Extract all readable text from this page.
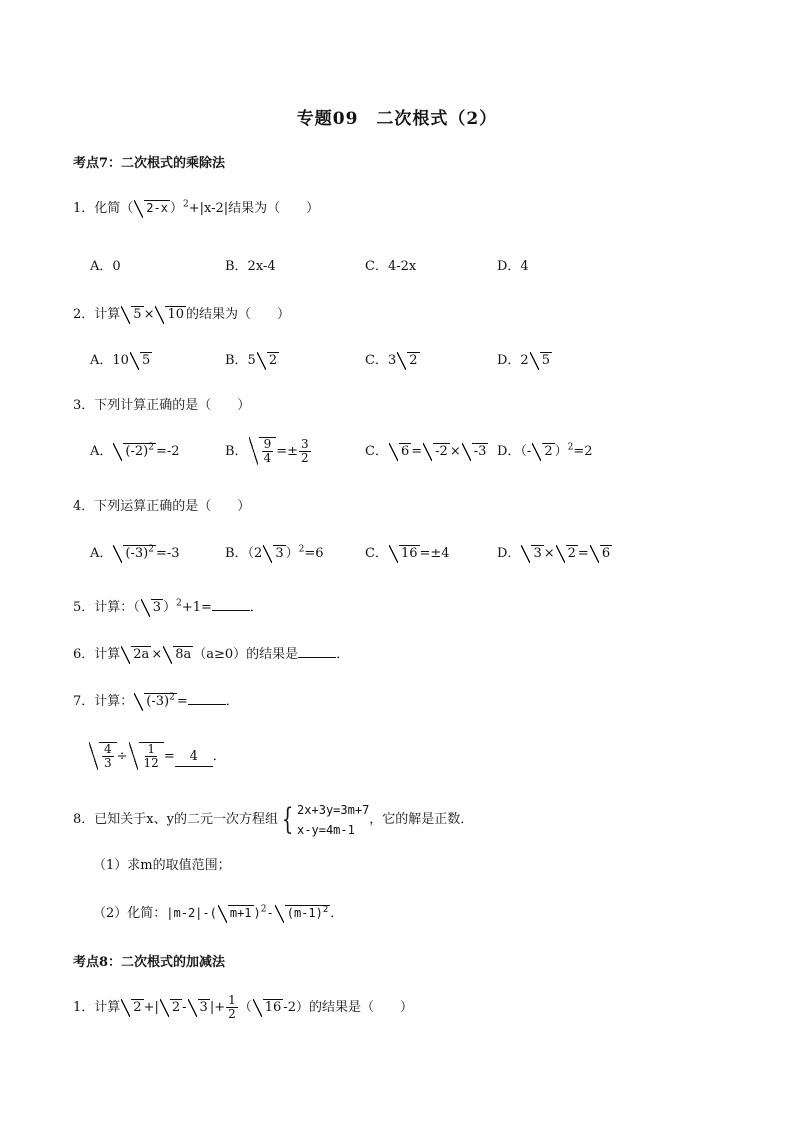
专题09　二次根式（2）
考点7：二次根式的乘除法
1．化简（ 2-x ）$^2$+|x-2|结果为（　　）
A．0	B．2x-4	C．4-2x	D．4
2．计算 5 × 10 的结果为（　　）
A．10 5	B．5 2	C．3 2	D．2 5
3．下列计算正确的是（　　）
A． $(-2)^2 =-2$	B． $\frac{9}{4} =\pm \frac{3}{2}$	C． 6 = -2 × -3 D．（- 2 ）$^2$=2
4．下列运算正确的是（　　）
A． $(-3)^2 =-3$	B．（2 3 ）$^2$=6	C． 16 =±4	D． 3 × 2 = 6
5．计算：（ 3 ）$^2$+1=	．
6．计算 2a × 8a （a≥0）的结果是	．
7．计算： $(-3)^2$ =	．
$\frac{4}{3} \div \frac{1}{12} = 4$ ．
8．已知关于x、y的二元一次方程组 { 2x+3y=3m+7
x-y=4m-1
，它的解是正数．
（1）求m的取值范围；
（2）化简：|m-2|-( m+1 )$^2$- $(m-1)^2$ ．
考点8：二次根式的加减法
1．计算 2 +| 2 - 3 |+ $\frac{1}{2}$ （ 16 -2）的结果是（　　）
